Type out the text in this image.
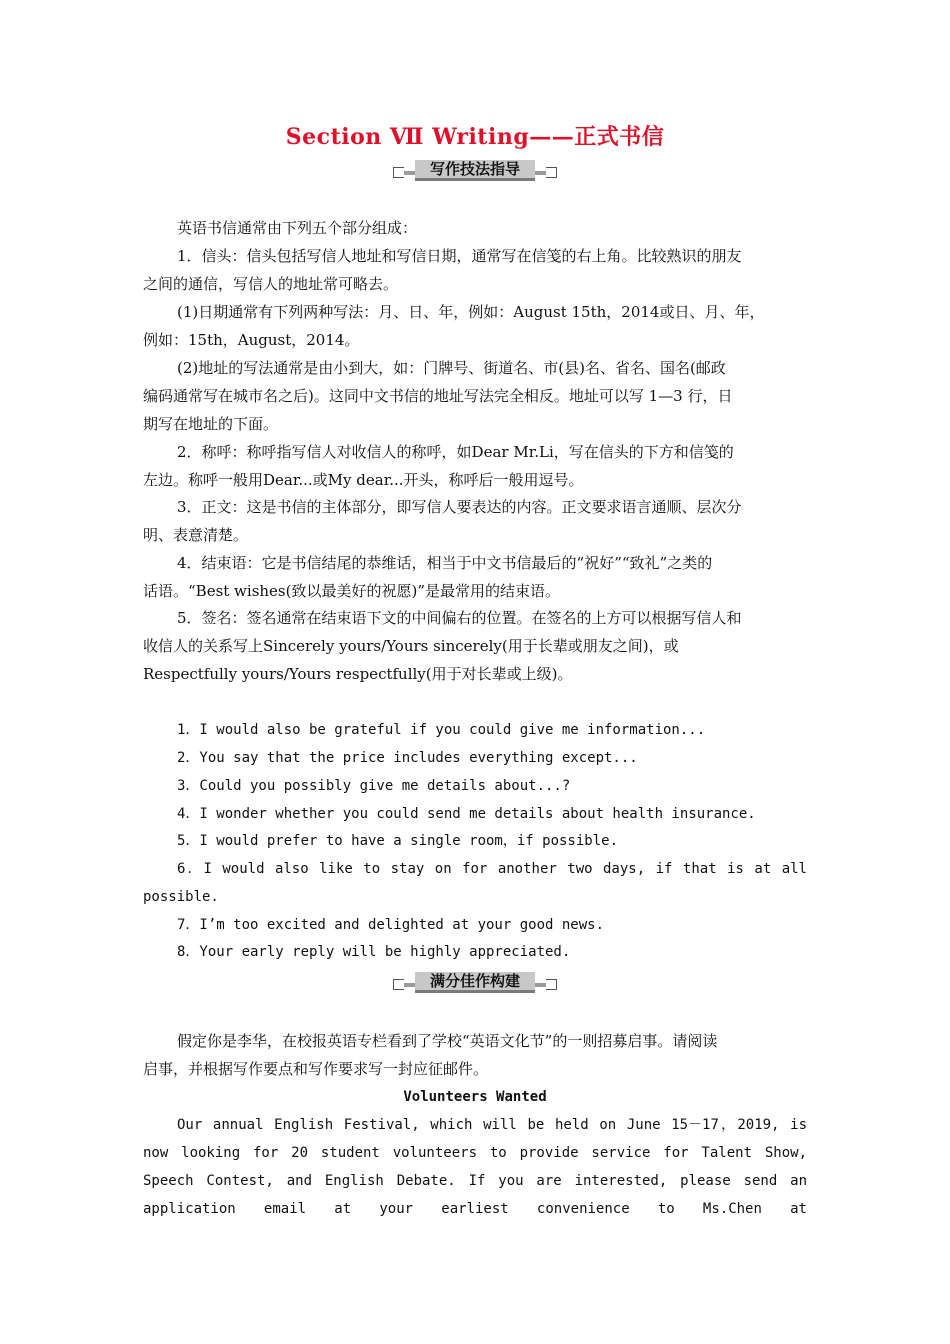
Section Ⅶ Writing——正式书信
写作技法指导
英语书信通常由下列五个部分组成：
1．信头：信头包括写信人地址和写信日期，通常写在信笺的右上角。比较熟识的朋友
之间的通信，写信人的地址常可略去。
(1)日期通常有下列两种写法：月、日、年，例如：August 15th，2014或日、月、年，
例如：15th，August，2014。
(2)地址的写法通常是由小到大，如：门牌号、街道名、市(县)名、省名、国名(邮政
编码通常写在城市名之后)。这同中文书信的地址写法完全相反。地址可以写 1—3 行，日
期写在地址的下面。
2．称呼：称呼指写信人对收信人的称呼，如Dear Mr.Li，写在信头的下方和信笺的
左边。称呼一般用Dear...或My dear...开头，称呼后一般用逗号。
3．正文：这是书信的主体部分，即写信人要表达的内容。正文要求语言通顺、层次分
明、表意清楚。
4．结束语：它是书信结尾的恭维话，相当于中文书信最后的“祝好”“致礼”之类的
话语。“Best wishes(致以最美好的祝愿)”是最常用的结束语。
5．签名：签名通常在结束语下文的中间偏右的位置。在签名的上方可以根据写信人和
收信人的关系写上Sincerely yours/Yours sincerely(用于长辈或朋友之间)，或
Respectfully yours/Yours respectfully(用于对长辈或上级)。
1．I would also be grateful if you could give me information...
2．You say that the price includes everything except...
3．Could you possibly give me details about...?
4．I wonder whether you could send me details about health insurance.
5．I would prefer to have a single room，if possible.
6．I would also like to stay on for another two days, if that is at all
possible.
7．I’m too excited and delighted at your good news.
8．Your early reply will be highly appreciated.
满分佳作构建
假定你是李华，在校报英语专栏看到了学校“英语文化节”的一则招募启事。请阅读
启事，并根据写作要点和写作要求写一封应征邮件。
Volunteers Wanted
Our annual English Festival, which will be held on June 15－17，2019, is
now looking for 20 student volunteers to provide service for Talent Show,
Speech Contest, and English Debate. If you are interested, please send an
application email at your earliest convenience to Ms.Chen at
